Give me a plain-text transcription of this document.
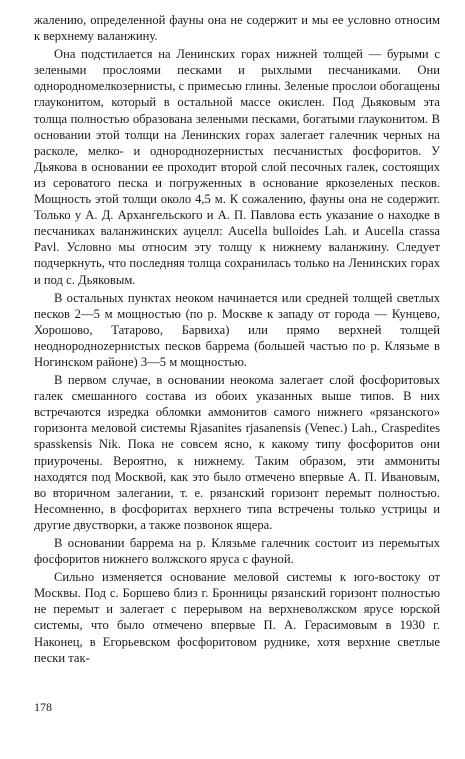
жалению, определенной фауны она не содержит и мы ее условно относим к верхнему валанжину.

Она подстилается на Ленинских горах нижней толщей — бурыми с зелеными прослоями песками и рыхлыми песчаниками. Они однородномелкозернисты, с примесью глины. Зеленые прослои обогащены глауконитом, который в остальной массе окислен. Под Дьяковым эта толща полностью образована зелеными песками, богатыми глауконитом. В основании этой толщи на Ленинских горах залегает галечник черных на расколе, мелко- и однородноzернистых песчанистых фосфоритов. У Дьякова в основании ее проходит второй слой песочных галек, состоящих из сероватого песка и погруженных в основание яркозеленых песков. Мощность этой толщи около 4,5 м. К сожалению, фауны она не содержит. Только у А. Д. Архангельского и А. П. Павлова есть указание о находке в песчаниках валанжинских ауцелл: Aucella bulloides Lah. и Aucella crassa Pavl. Условно мы относим эту толщу к нижнему валанжину. Следует подчеркнуть, что последняя толща сохранилась только на Ленинских горах и под с. Дьяковым.

В остальных пунктах неоком начинается или средней толщей светлых песков 2—5 м мощностью (по р. Москве к западу от города — Кунцево, Хорошово, Татарово, Барвиха) или прямо верхней толщей неоднородноzернистых песков баррема (большей частью по р. Клязьме в Ногинском районе) 3—5 м мощностью.

В первом случае, в основании неокома залегает слой фосфоритовых галек смешанного состава из обоих указанных выше типов. В них встречаются изредка обломки аммонитов самого нижнего «рязанского» горизонта меловой системы Rjasanites rjasanensis (Venec.) Lah., Craspedites spasskensis Nik. Пока не совсем ясно, к какому типу фосфоритов они приурочены. Вероятно, к нижнему. Таким образом, эти аммониты находятся под Москвой, как это было отмечено впервые А. П. Ивановым, во вторичном залегании, т. е. рязанский горизонт перемыт полностью. Несомненно, в фосфоритах верхнего типа встречены только устрицы и другие двустворки, а также позвонок ящера.

В основании баррема на р. Клязьме галечник состоит из перемытых фосфоритов нижнего волжского яруса с фауной.

Сильно изменяется основание меловой системы к юго-востоку от Москвы. Под с. Боршево близ г. Бронницы рязанский горизонт полностью не перемыт и залегает с перерывом на верхневолжском ярусе юрской системы, что было отмечено впервые П. А. Герасимовым в 1930 г. Наконец, в Егорьевском фосфоритовом руднике, хотя верхние светлые пески так-

178
